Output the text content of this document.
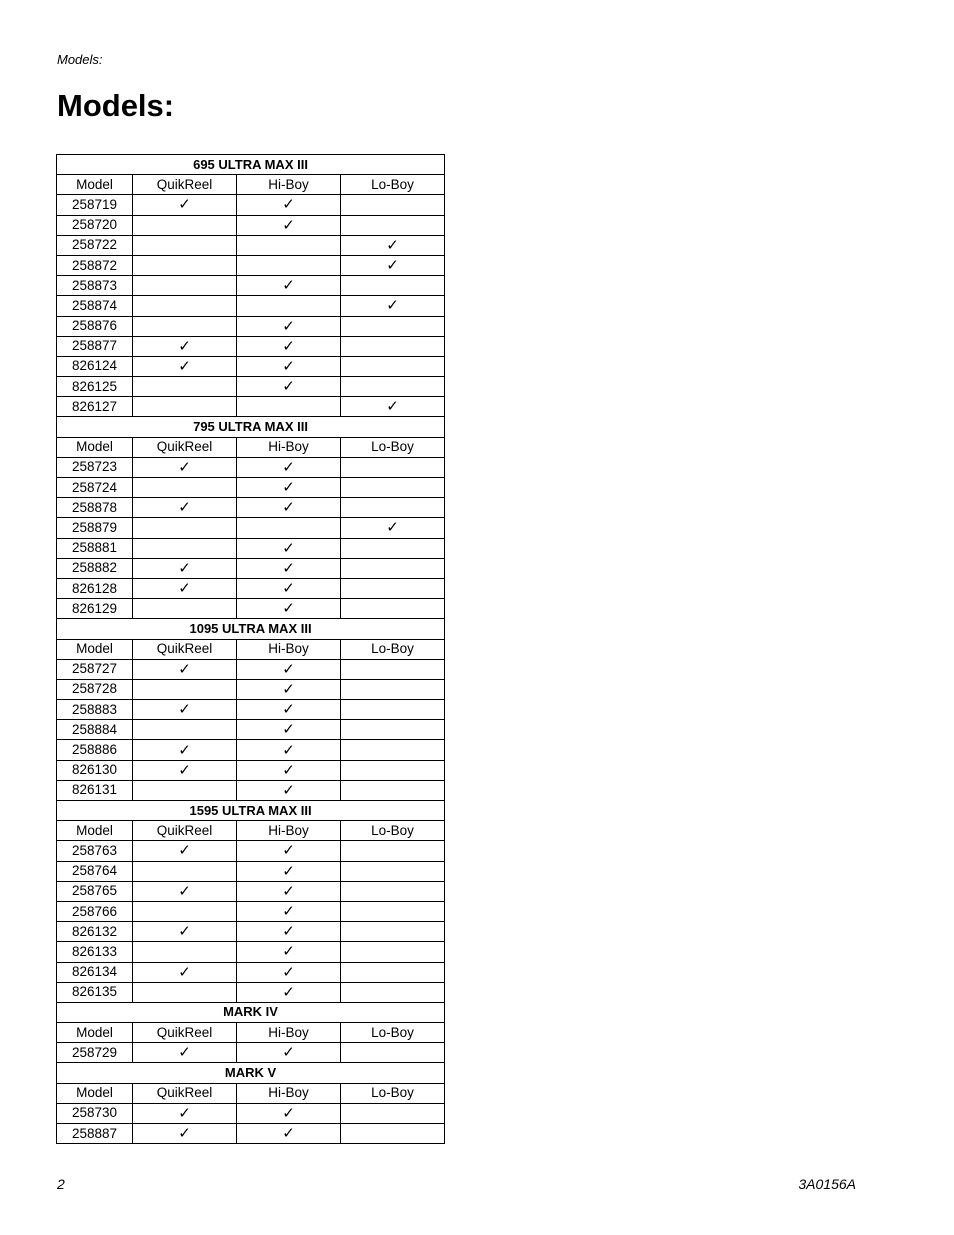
Models:
Models:
695 ULTRA MAX III			
Model	QuikReel	Hi-Boy	Lo-Boy
258719	✓	✓	
258720		✓	
258722			✓
258872			✓
258873		✓	
258874			✓
258876		✓	
258877	✓	✓	
826124	✓	✓	
826125		✓	
826127			✓
795 ULTRA MAX III			
Model	QuikReel	Hi-Boy	Lo-Boy
258723	✓	✓	
258724		✓	
258878	✓	✓	
258879			✓
258881		✓	
258882	✓	✓	
826128	✓	✓	
826129		✓	
1095 ULTRA MAX III			
Model	QuikReel	Hi-Boy	Lo-Boy
258727	✓	✓	
258728		✓	
258883	✓	✓	
258884		✓	
258886	✓	✓	
826130	✓	✓	
826131		✓	
1595 ULTRA MAX III			
Model	QuikReel	Hi-Boy	Lo-Boy
258763	✓	✓	
258764		✓	
258765	✓	✓	
258766		✓	
826132	✓	✓	
826133		✓	
826134	✓	✓	
826135		✓	
MARK IV			
Model	QuikReel	Hi-Boy	Lo-Boy
258729	✓	✓	
MARK V			
Model	QuikReel	Hi-Boy	Lo-Boy
258730	✓	✓	
258887	✓	✓	
2	3A0156A
